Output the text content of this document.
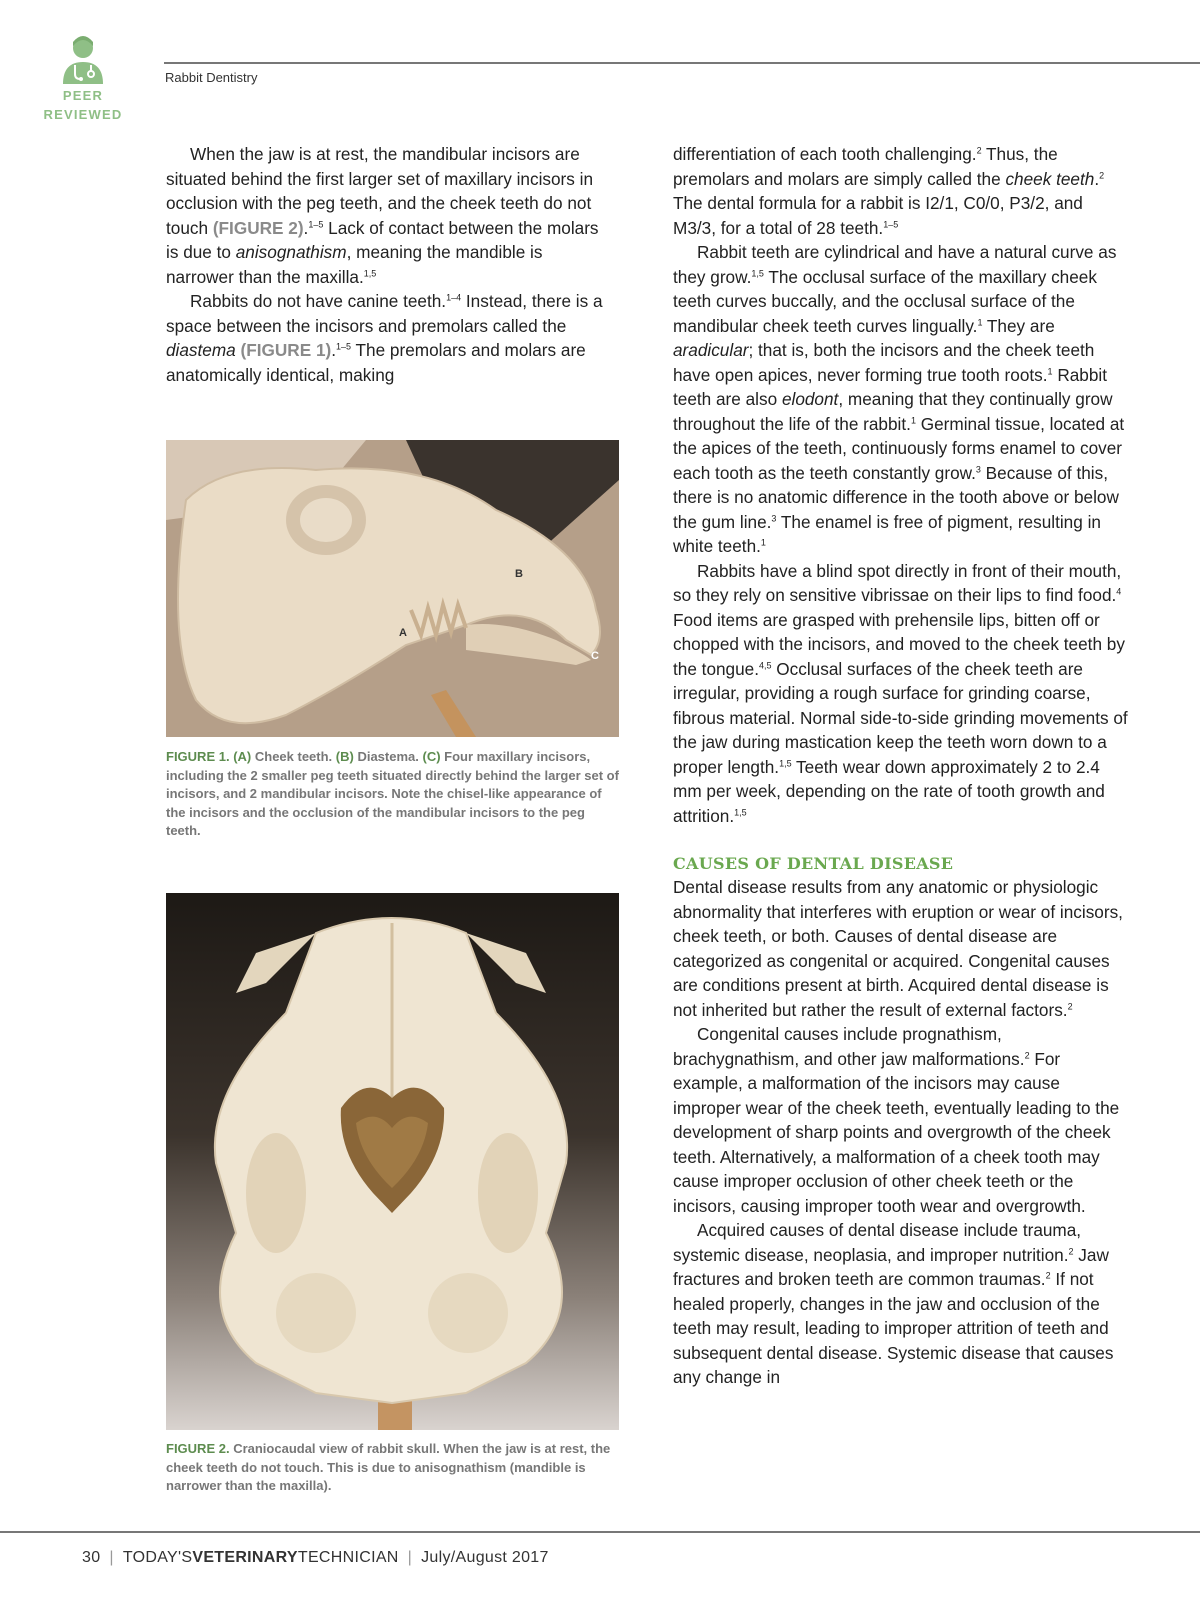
PEER
REVIEWED
Rabbit Dentistry

When the jaw is at rest, the mandibular incisors are situated behind the first larger set of maxillary incisors in occlusion with the peg teeth, and the cheek teeth do not touch (FIGURE 2).$^{1-5}$ Lack of contact between the molars is due to anisognathism, meaning the mandible is narrower than the maxilla.$^{1,5}$

Rabbits do not have canine teeth.$^{1-4}$ Instead, there is a space between the incisors and premolars called the diastema (FIGURE 1).$^{1-5}$ The premolars and molars are anatomically identical, making

B
A
C
FIGURE 1. (A) Cheek teeth. (B) Diastema. (C) Four maxillary incisors, including the 2 smaller peg teeth situated directly behind the larger set of incisors, and 2 mandibular incisors. Note the chisel-like appearance of the incisors and the occlusion of the mandibular incisors to the peg teeth.
FIGURE 2. Craniocaudal view of rabbit skull. When the jaw is at rest, the cheek teeth do not touch. This is due to anisognathism (mandible is narrower than the maxilla).

differentiation of each tooth challenging.$^2$ Thus, the premolars and molars are simply called the cheek teeth.$^2$ The dental formula for a rabbit is I2/1, C0/0, P3/2, and M3/3, for a total of 28 teeth.$^{1-5}$

Rabbit teeth are cylindrical and have a natural curve as they grow.$^{1,5}$ The occlusal surface of the maxillary cheek teeth curves buccally, and the occlusal surface of the mandibular cheek teeth curves lingually.$^1$ They are aradicular; that is, both the incisors and the cheek teeth have open apices, never forming true tooth roots.$^1$ Rabbit teeth are also elodont, meaning that they continually grow throughout the life of the rabbit.$^1$ Germinal tissue, located at the apices of the teeth, continuously forms enamel to cover each tooth as the teeth constantly grow.$^3$ Because of this, there is no anatomic difference in the tooth above or below the gum line.$^3$ The enamel is free of pigment, resulting in white teeth.$^1$

Rabbits have a blind spot directly in front of their mouth, so they rely on sensitive vibrissae on their lips to find food.$^4$ Food items are grasped with prehensile lips, bitten off or chopped with the incisors, and moved to the cheek teeth by the tongue.$^{4,5}$ Occlusal surfaces of the cheek teeth are irregular, providing a rough surface for grinding coarse, fibrous material. Normal side-to-side grinding movements of the jaw during mastication keep the teeth worn down to a proper length.$^{1,5}$ Teeth wear down approximately 2 to 2.4 mm per week, depending on the rate of tooth growth and attrition.$^{1,5}$

CAUSES OF DENTAL DISEASE

Dental disease results from any anatomic or physiologic abnormality that interferes with eruption or wear of incisors, cheek teeth, or both. Causes of dental disease are categorized as congenital or acquired. Congenital causes are conditions present at birth. Acquired dental disease is not inherited but rather the result of external factors.$^2$

Congenital causes include prognathism, brachygnathism, and other jaw malformations.$^2$ For example, a malformation of the incisors may cause improper wear of the cheek teeth, eventually leading to the development of sharp points and overgrowth of the cheek teeth. Alternatively, a malformation of a cheek tooth may cause improper occlusion of other cheek teeth or the incisors, causing improper tooth wear and overgrowth.

Acquired causes of dental disease include trauma, systemic disease, neoplasia, and improper nutrition.$^2$ Jaw fractures and broken teeth are common traumas.$^2$ If not healed properly, changes in the jaw and occlusion of the teeth may result, leading to improper attrition of teeth and subsequent dental disease. Systemic disease that causes any change in

30 | TODAY'SVETERINARYTECHNICIAN | July/August 2017
